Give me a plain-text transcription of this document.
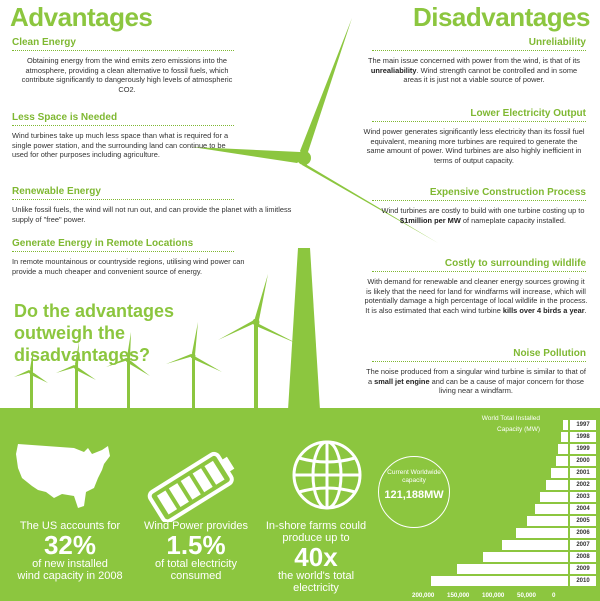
Advantages	Disadvantages
Clean Energy
Obtaining energy from the wind emits zero emissions into the atmosphere, providing a clean alternative to fossil fuels, which contribute significantly to dangerously high levels of atmospheric CO2.
Less Space is Needed
Wind turbines take up much less space than what is required for a single power station, and the surrounding land can continue to be used for other purposes including agriculture.
Renewable Energy
Unlike fossil fuels, the wind will not run out, and can provide the planet with a limitless supply of "free" power.
Generate Energy in Remote Locations
In remote mountainous or countryside regions, utilising wind power can provide a much cheaper and convenient source of energy.
Do the advantages outweigh the disadvantages?
Unreliability
The main issue concerned with power from the wind, is that of its unrealiability. Wind strength cannot be controlled and in some areas it is just not a viable source of power.
Lower Electricity Output
Wind power generates significantly less electricity than its fossil fuel equivalent, meaning more turbines are required to generate the same amount of power. Wind turbines are also highly inefficient in terms of output capacity.
Expensive Construction Process
Wind turbines are costly to build with one turbine costing up to $1million per MW of nameplate capacity installed.
Costly to surrounding wildlife
With demand for renewable and cleaner energy sources growing it is likely that the need for land for windfarms will increase, which will potentially damage a high percentage of local wildlife in the process. It is also estimated that each wind turbine kills over 4 birds a year.
Noise Pollution
The noise produced from a singular wind turbine is similar to that of a small jet engine and can be a cause of major concern for those living near a windfarm.
The US accounts for
32%
of new installed
wind capacity in 2008
Wind Power provides
1.5%
of total electricity
consumed
In-shore farms could
produce up to
40x
the world's total electricity
Current Worldwide capacity
121,188MW
World Total Installed Capacity (MW)
1997
1998
1999
2000
2001
2002
2003
2004
2005
2006
2007
2008
2009
2010
200,000 150,000 100,000 50,000	0
